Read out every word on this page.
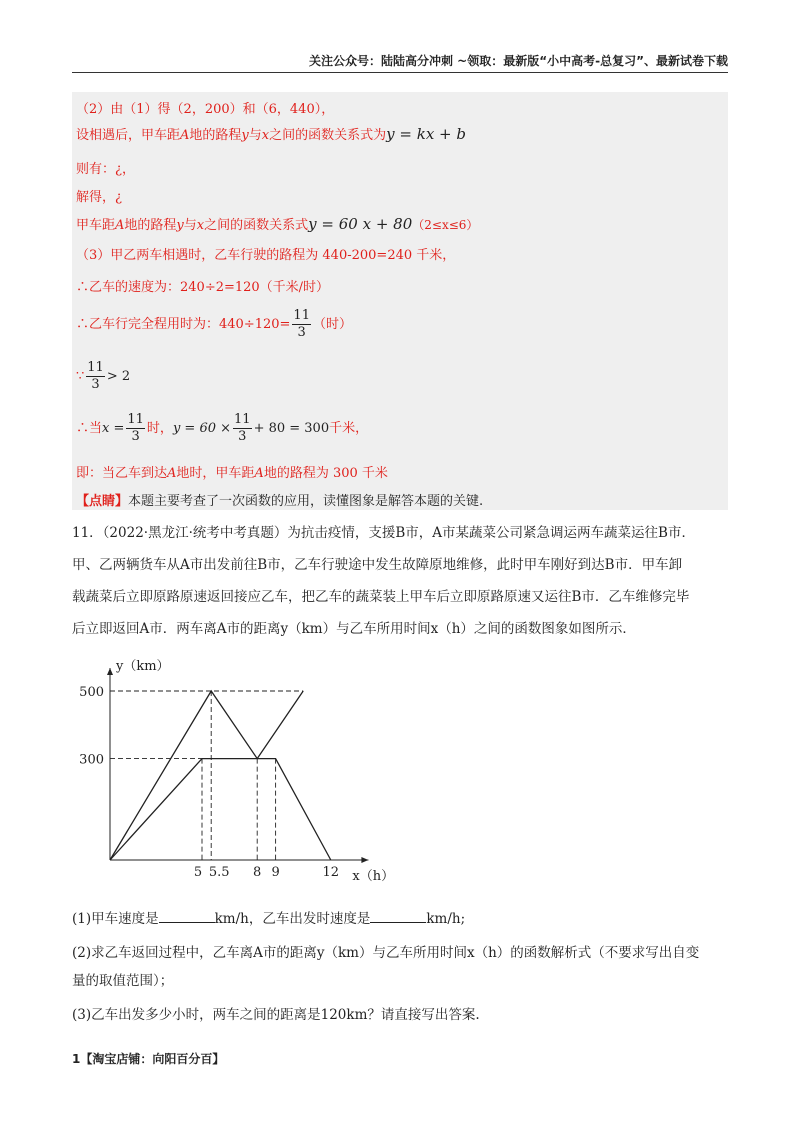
关注公众号：陆陆高分冲刺 ~领取：最新版“小中高考-总复习”、最新试卷下载
（2）由（1）得（2，200）和（6，440），
设相遇后，甲车距A地的路程y与x之间的函数关系式为y = kx + b
则有：¿，
解得，¿
甲车距A地的路程y与x之间的函数关系式y = 60 x + 80（2≤x≤6）
（3）甲乙两车相遇时，乙车行驶的路程为 440-200=240 千米，
∴乙车的速度为：240÷2=120（千米/时）
∴乙车行完全程用时为：$440\div 120= \frac{11}{3}$ （时）
∵ $\frac{11}{3} > 2$
∴当$x = \frac{11}{3}$ 时，$y = 60 \times \frac{11}{3} + 80 = 300$千米，
即：当乙车到达A地时，甲车距A地的路程为 300 千米
【点睛】本题主要考查了一次函数的应用，读懂图象是解答本题的关键.
11．（2022·黑龙江·统考中考真题）为抗击疫情，支援B市，A市某蔬菜公司紧急调运两车蔬菜运往B市．
甲、乙两辆货车从A市出发前往B市，乙车行驶途中发生故障原地维修，此时甲车刚好到达B市．甲车卸
载蔬菜后立即原路原速返回接应乙车，把乙车的蔬菜装上甲车后立即原路原速又运往B市．乙车维修完毕
后立即返回A市．两车离A市的距离y（km）与乙车所用时间x（h）之间的函数图象如图所示．
5 5.5 8 9	12
500
300
y（km）
x（h）
(1)甲车速度是	km/h，乙车出发时速度是	km/h;
(2)求乙车返回过程中，乙车离A市的距离y（km）与乙车所用时间x（h）的函数解析式（不要求写出自变
量的取值范围）；
(3)乙车出发多少小时，两车之间的距离是120km？请直接写出答案.
1【淘宝店铺：向阳百分百】
